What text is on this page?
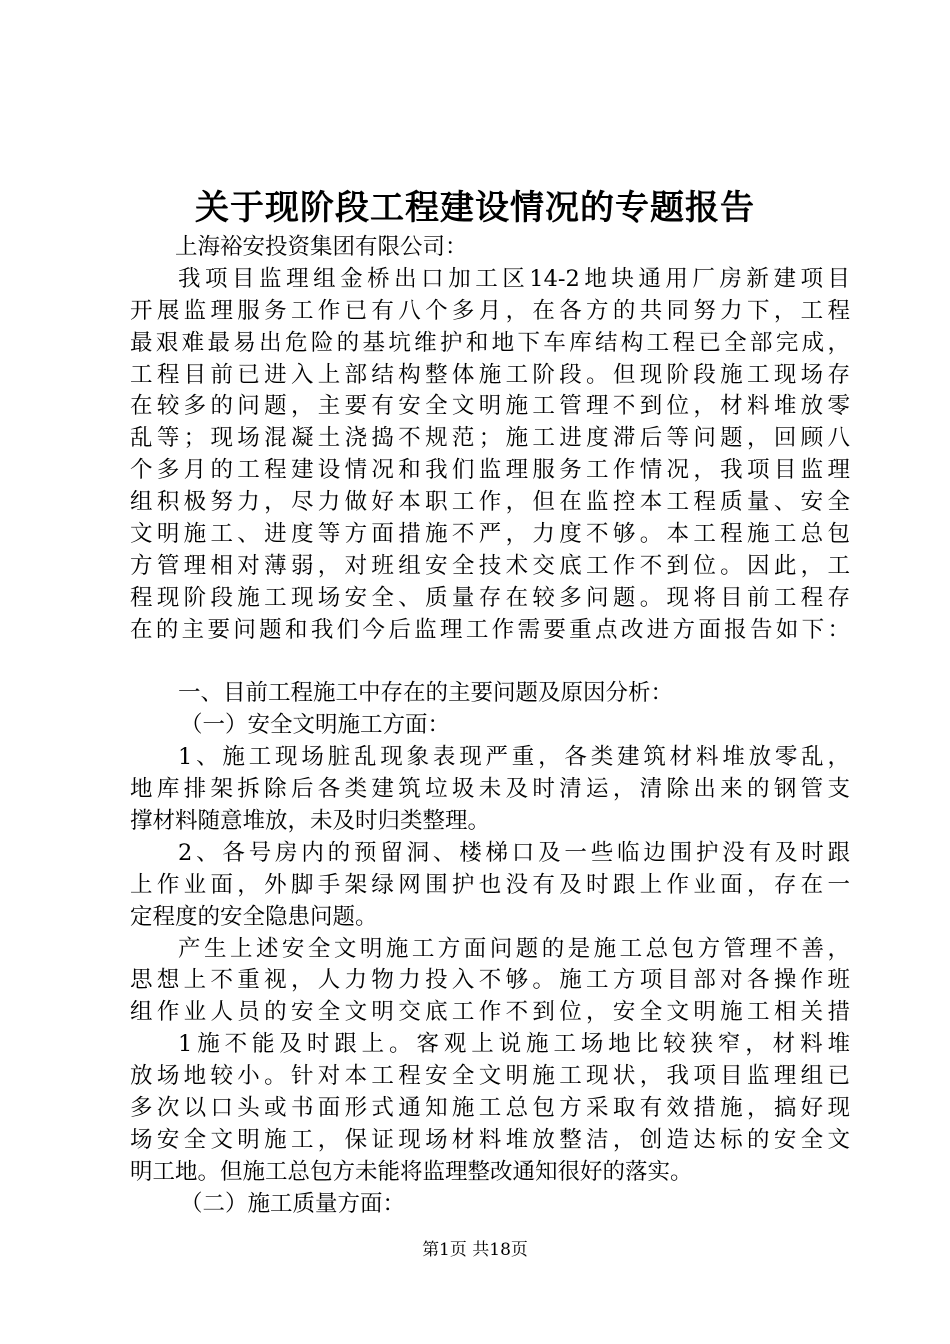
关于现阶段工程建设情况的专题报告
上海裕安投资集团有限公司：
我项目监理组金桥出口加工区14-2地块通用厂房新建项目
开展监理服务工作已有八个多月，在各方的共同努力下，工程
最艰难最易出危险的基坑维护和地下车库结构工程已全部完成，
工程目前已进入上部结构整体施工阶段。但现阶段施工现场存
在较多的问题，主要有安全文明施工管理不到位，材料堆放零
乱等；现场混凝土浇捣不规范；施工进度滞后等问题，回顾八
个多月的工程建设情况和我们监理服务工作情况，我项目监理
组积极努力，尽力做好本职工作，但在监控本工程质量、安全
文明施工、进度等方面措施不严，力度不够。本工程施工总包
方管理相对薄弱，对班组安全技术交底工作不到位。因此，工
程现阶段施工现场安全、质量存在较多问题。现将目前工程存
在的主要问题和我们今后监理工作需要重点改进方面报告如下：
一、目前工程施工中存在的主要问题及原因分析：
（一）安全文明施工方面：
1、施工现场脏乱现象表现严重，各类建筑材料堆放零乱，
地库排架拆除后各类建筑垃圾未及时清运，清除出来的钢管支
撑材料随意堆放，未及时归类整理。
2、各号房内的预留洞、楼梯口及一些临边围护没有及时跟
上作业面，外脚手架绿网围护也没有及时跟上作业面，存在一
定程度的安全隐患问题。
产生上述安全文明施工方面问题的是施工总包方管理不善，
思想上不重视，人力物力投入不够。施工方项目部对各操作班
组作业人员的安全文明交底工作不到位，安全文明施工相关措
1施不能及时跟上。客观上说施工场地比较狭窄，材料堆
放场地较小。针对本工程安全文明施工现状，我项目监理组已
多次以口头或书面形式通知施工总包方采取有效措施，搞好现
场安全文明施工，保证现场材料堆放整洁，创造达标的安全文
明工地。但施工总包方未能将监理整改通知很好的落实。
（二）施工质量方面：
第1页 共18页
